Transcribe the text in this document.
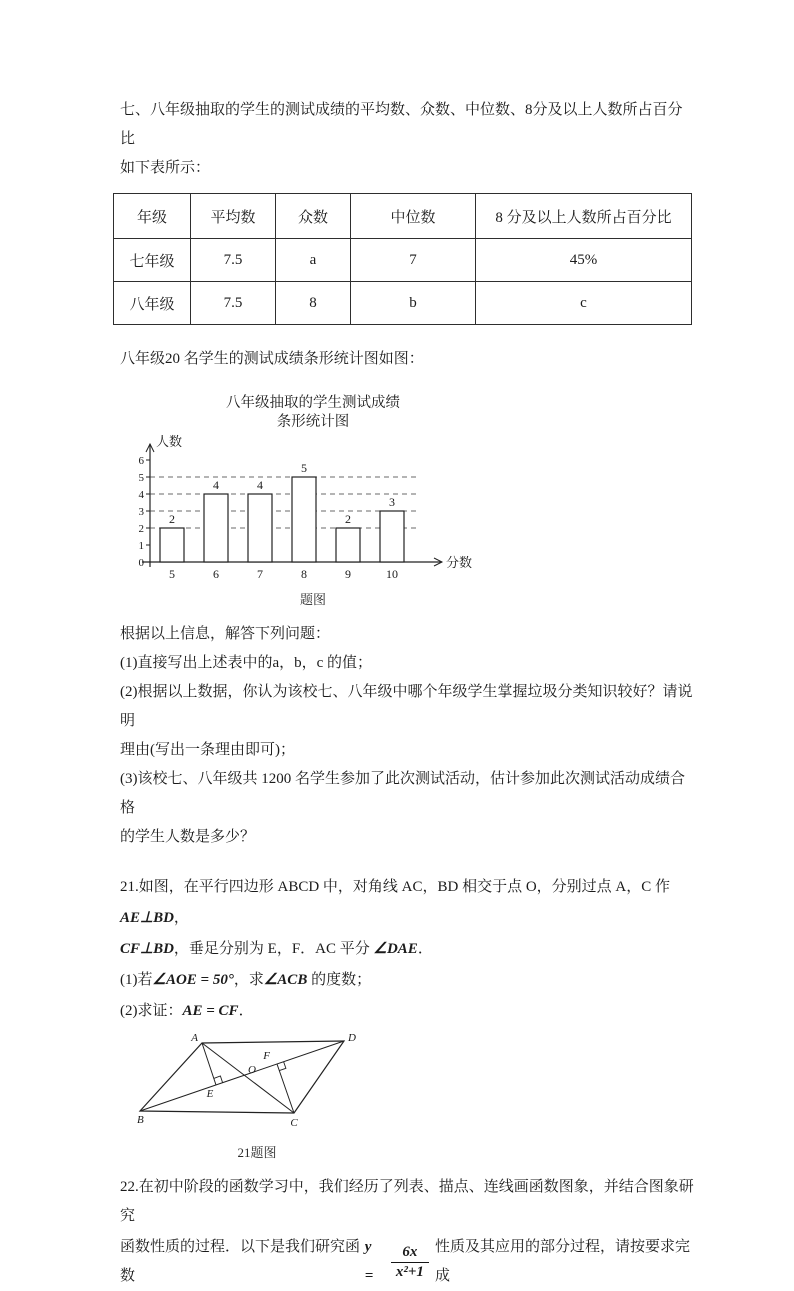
七、八年级抽取的学生的测试成绩的平均数、众数、中位数、8分及以上人数所占百分比

如下表所示：

年级	平均数	众数	中位数	8 分及以上人数所占百分比
七年级	7.5	a	7	45%
八年级	7.5	8	b	c

八年级20 名学生的测试成绩条形统计图如图：

八年级抽取的学生测试成绩
条形统计图
0
1
2
3
4
5
6
2
5
4
6
4
7
5
8
2
9
3
10
人数
分数
题图

根据以上信息，解答下列问题：

(1)直接写出上述表中的a，b，c 的值；

(2)根据以上数据，你认为该校七、八年级中哪个年级学生掌握垃圾分类知识较好？请说明

理由(写出一条理由即可)；

(3)该校七、八年级共 1200 名学生参加了此次测试活动，估计参加此次测试活动成绩合格

的学生人数是多少？

21.如图，在平行四边形 ABCD 中，对角线 AC，BD 相交于点 O，分别过点 A，C 作 AE⊥BD，

CF⊥BD，垂足分别为 E，F．AC 平分 ∠DAE．

(1)若∠AOE = 50°，求∠ACB 的度数；

(2)求证：AE = CF．

A	D
B	C
O
E
F
21题图

22.在初中阶段的函数学习中，我们经历了列表、描点、连线画函数图象，并结合图象研究

函数性质的过程．以下是我们研究函数
y =	$\frac{6x}{\text{x²+1}}$ 性质及其应用的部分过程，请按要求完成
